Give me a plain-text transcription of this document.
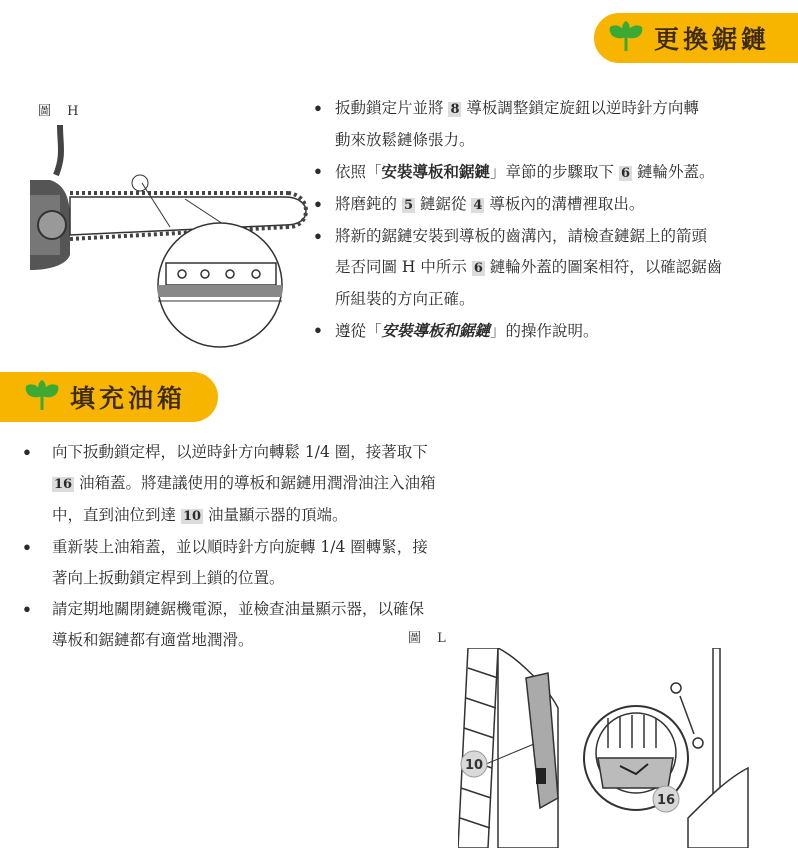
更換鋸鏈
填充油箱
圖 H	• 扳動鎖定片並將 8 導板調整鎖定旋鈕以逆時針方向轉
動來放鬆鏈條張力。
• 依照「安裝導板和鋸鏈」章節的步驟取下 6 鏈輪外蓋。
• 將磨鈍的 5 鏈鋸從 4 導板內的溝槽裡取出。
• 將新的鋸鏈安裝到導板的齒溝內，請檢查鏈鋸上的箭頭
是否同圖 H 中所示 6 鏈輪外蓋的圖案相符，以確認鋸齒
所組裝的方向正確。
• 遵從「安裝導板和鋸鏈」的操作說明。
• 向下扳動鎖定桿，以逆時針方向轉鬆 1/4 圈，接著取下
16 油箱蓋。將建議使用的導板和鋸鏈用潤滑油注入油箱
中，直到油位到達 10 油量顯示器的頂端。
• 重新裝上油箱蓋，並以順時針方向旋轉 1/4 圈轉緊，接
著向上扳動鎖定桿到上鎖的位置。
• 請定期地關閉鏈鋸機電源，並檢查油量顯示器，以確保
導板和鋸鏈都有適當地潤滑。	圖 L
10
16
